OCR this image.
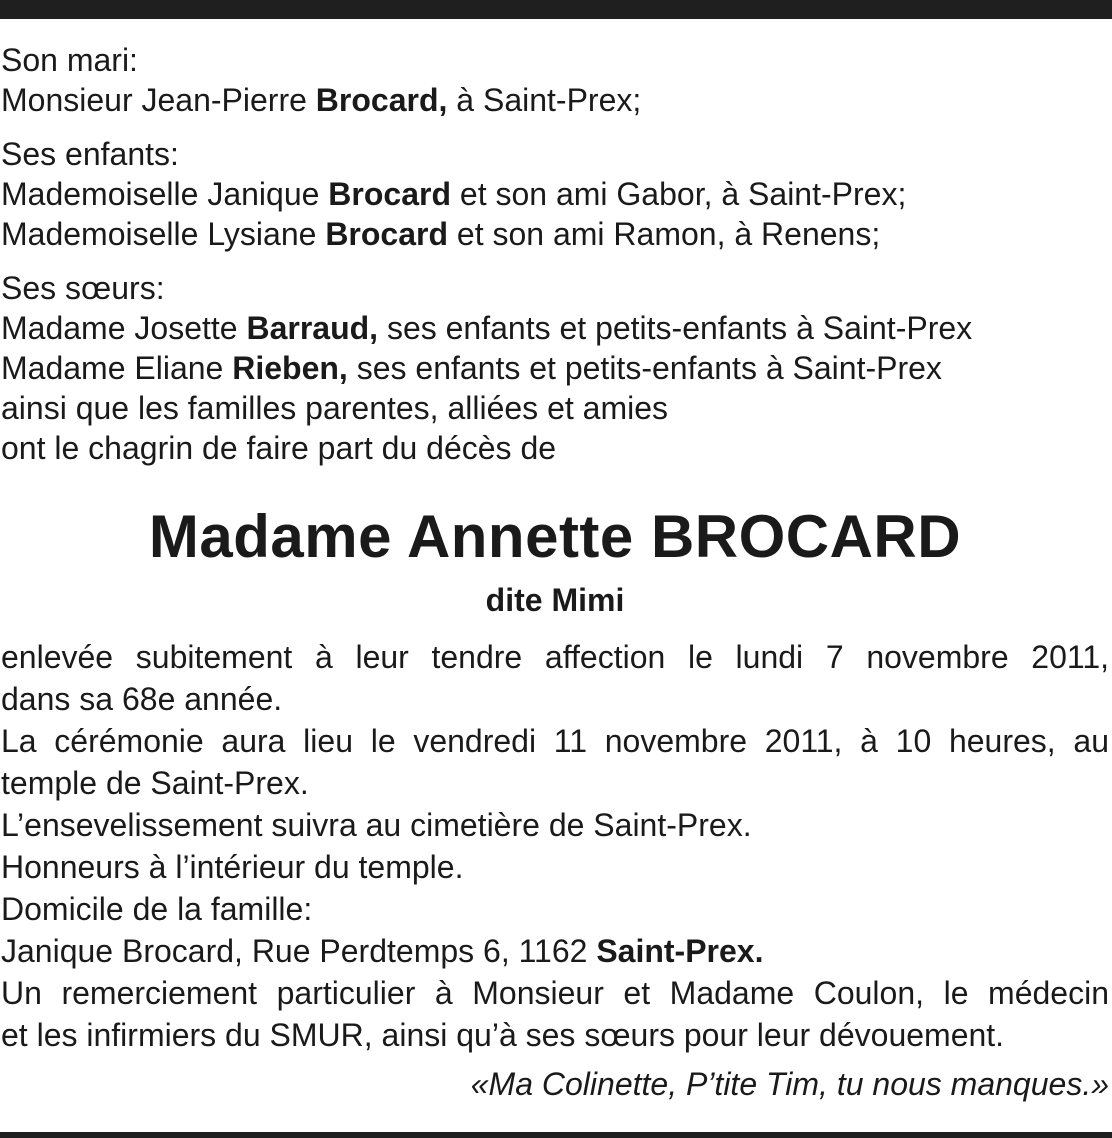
Son mari:
Monsieur Jean-Pierre Brocard, à Saint-Prex;
Ses enfants:
Mademoiselle Janique Brocard et son ami Gabor, à Saint-Prex;
Mademoiselle Lysiane Brocard et son ami Ramon, à Renens;
Ses sœurs:
Madame Josette Barraud, ses enfants et petits-enfants à Saint-Prex
Madame Eliane Rieben, ses enfants et petits-enfants à Saint-Prex
ainsi que les familles parentes, alliées et amies
ont le chagrin de faire part du décès de
Madame Annette BROCARD
dite Mimi
enlevée subitement à leur tendre affection le lundi 7 novembre 2011,
dans sa 68e année.
La cérémonie aura lieu le vendredi 11 novembre 2011, à 10 heures, au
temple de Saint-Prex.
L’ensevelissement suivra au cimetière de Saint-Prex.
Honneurs à l’intérieur du temple.
Domicile de la famille:
Janique Brocard, Rue Perdtemps 6, 1162 Saint-Prex.
Un remerciement particulier à Monsieur et Madame Coulon, le médecin
et les infirmiers du SMUR, ainsi qu’à ses sœurs pour leur dévouement.
«Ma Colinette, P’tite Tim, tu nous manques.»
